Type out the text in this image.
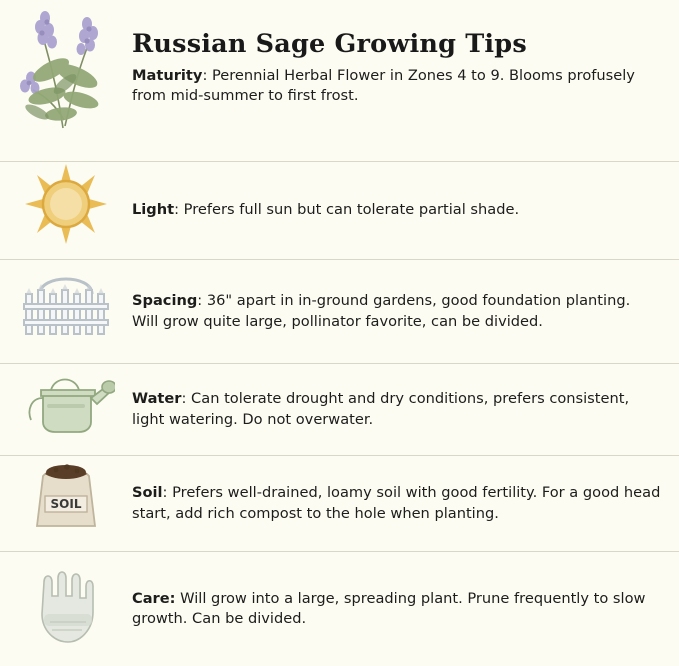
Russian Sage Growing Tips

Maturity: Perennial Herbal Flower in Zones 4 to 9. Blooms profusely from mid-summer to first frost.

Light: Prefers full sun but can tolerate partial shade.

Spacing: 36" apart in in-ground gardens, good foundation planting. Will grow quite large, pollinator favorite, can be divided.

Water: Can tolerate drought and dry conditions, prefers consistent, light watering. Do not overwater.

SOIL

Soil: Prefers well-drained, loamy soil with good fertility. For a good head start, add rich compost to the hole when planting.

Care: Will grow into a large, spreading plant. Prune frequently to slow growth. Can be divided.
